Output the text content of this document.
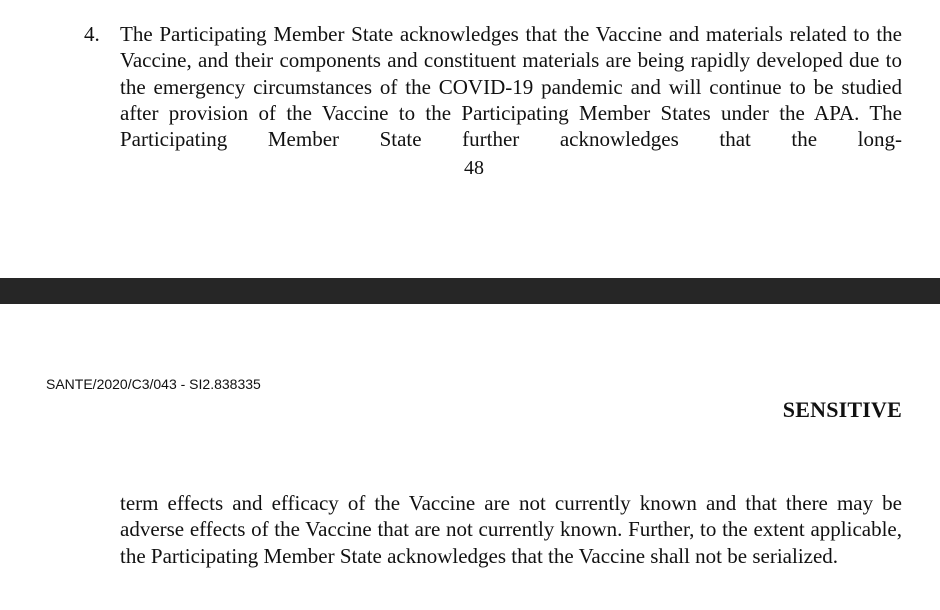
4. The Participating Member State acknowledges that the Vaccine and materials related to the Vaccine, and their components and constituent materials are being rapidly developed due to the emergency circumstances of the COVID-19 pandemic and will continue to be studied after provision of the Vaccine to the Participating Member States under the APA. The Participating Member State further acknowledges that the long-

48
SANTE/2020/C3/043 - SI2.838335
SENSITIVE

term effects and efficacy of the Vaccine are not currently known and that there may be adverse effects of the Vaccine that are not currently known. Further, to the extent applicable, the Participating Member State acknowledges that the Vaccine shall not be serialized.
